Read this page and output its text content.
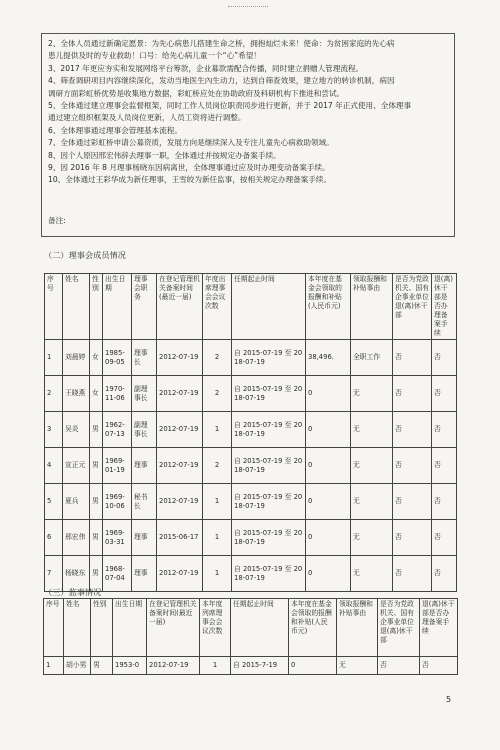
2、全体人员通过新确定愿景：为先心病患儿搭建生命之桥，拥抱灿烂未来！使命：为贫困家庭的先心病

患儿提供及时的专业救助！口号：给先心病儿童一个“心”希望！

3、2017 年更应夯实和发展网络平台筹款，企业募款需配合传播，同时建立捐赠人管理流程。

4、筛查调研项目内容继续深化，发动当地医生內生动力，达到自筛查效果，建立地方的转诊机制，病因

调研方面彩虹桥优势是收集地方数据，彩虹桥应处在协助政府及科研机构下推进和尝试。

5、全体通过建立理事会监督框架，同时工作人员岗位职责同步进行更新，并于 2017 年正式使用、全体理事

通过建立组织框架及人员岗位更新，人员工资将进行调整。

6、全体理事通过理事会管理基本流程。

7、全体通过彩虹桥申请公募资质，发展方向是继续深入及专注儿童先心病救助领域。

8、因个人原因邢宏伟辞去理事一职，全体通过并按规定办备案手续。

9、因 2016 年 8 月理事杨晓东因病离世，全体理事通过应及时办理变动备案手续。

10、全体通过王彩华成为新任理事，王雪皎为新任监事，按相关规定办理备案手续。

备注:
（二）理事会成员情况
序号	姓名	性别	出生日期	理事会职务	在登记管理机关备案时间(最近一届)	年度出席理事会会议次数	任期起止时间	本年度在基金会领取的报酬和补贴(人民币元)	领取报酬和补贴事由	是否为党政机关、国有企事业单位退(离)休干部	退(离)休干部是否办理备案手续
1	刘晨婷	女	1985-09-05	理事长	2012-07-19	2	自 2015-07-19 至 2018-07-19	38,496.	全职工作	否	否
2	王晓燕	女	1970-11-06	副理事长	2012-07-19	2	自 2015-07-19 至 2018-07-19	0	无	否	否
3	吴炎	男	1962-07-13	副理事长	2012-07-19	1	自 2015-07-19 至 2018-07-19	0	无	否	否
4	宣正元	男	1969-01-19	理事	2012-07-19	2	自 2015-07-19 至 2018-07-19	0	无	否	否
5	夏兵	男	1969-10-06	秘书长	2012-07-19	1	自 2015-07-19 至 2018-07-19	0	无	否	否
6	邢宏伟	男	1969-03-31	理事	2015-06-17	1	自 2015-07-19 至 2018-07-19	0	无	否	否
7	杨晓东	男	1968-07-04	理事	2012-07-19	1	自 2015-07-19 至 2018-07-19	0	无	否	否
（三）监事情况
序号	姓名	性别	出生日期	在登记管理机关备案时间(最近一届)	本年度列席理事会会议次数	任期起止时间	本年度在基金会领取的报酬和补贴(人民币元)	领取报酬和补贴事由	是否为党政机关、国有企事业单位退(离)休干部	退(离)休干部是否办理备案手续
1	胡小男	男	1953-0	2012-07-19	1	自 2015-7-19	0	无	否	否
5
